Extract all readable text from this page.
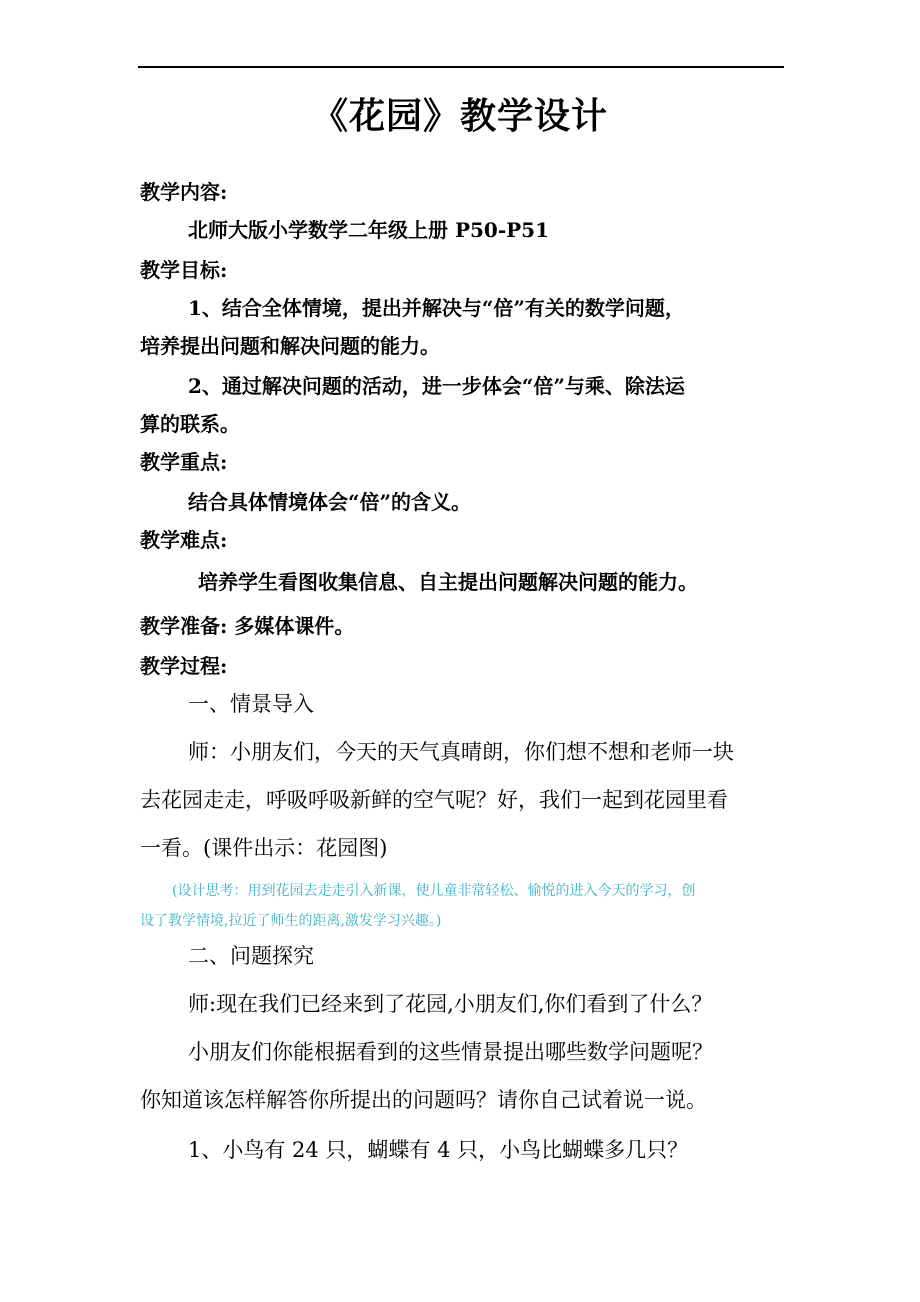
《花园》教学设计
教学内容:
北师大版小学数学二年级上册 P50-P51
教学目标:
1、结合全体情境，提出并解决与“倍”有关的数学问题，
培养提出问题和解决问题的能力。
2、通过解决问题的活动，进一步体会“倍”与乘、除法运
算的联系。
教学重点:
结合具体情境体会“倍”的含义。
教学难点:
培养学生看图收集信息、自主提出问题解决问题的能力。
教学准备: 多媒体课件。
教学过程:
一、情景导入
师：小朋友们，今天的天气真晴朗，你们想不想和老师一块
去花园走走，呼吸呼吸新鲜的空气呢？好，我们一起到花园里看
一看。(课件出示：花园图)
(设计思考：用到花园去走走引入新课，使儿童非常轻松、愉悦的进入今天的学习，创
设了教学情境,拉近了师生的距离,激发学习兴趣。)
二、问题探究
师:现在我们已经来到了花园,小朋友们,你们看到了什么？
小朋友们你能根据看到的这些情景提出哪些数学问题呢？
你知道该怎样解答你所提出的问题吗？请你自己试着说一说。
1、小鸟有 24 只，蝴蝶有 4 只，小鸟比蝴蝶多几只？
